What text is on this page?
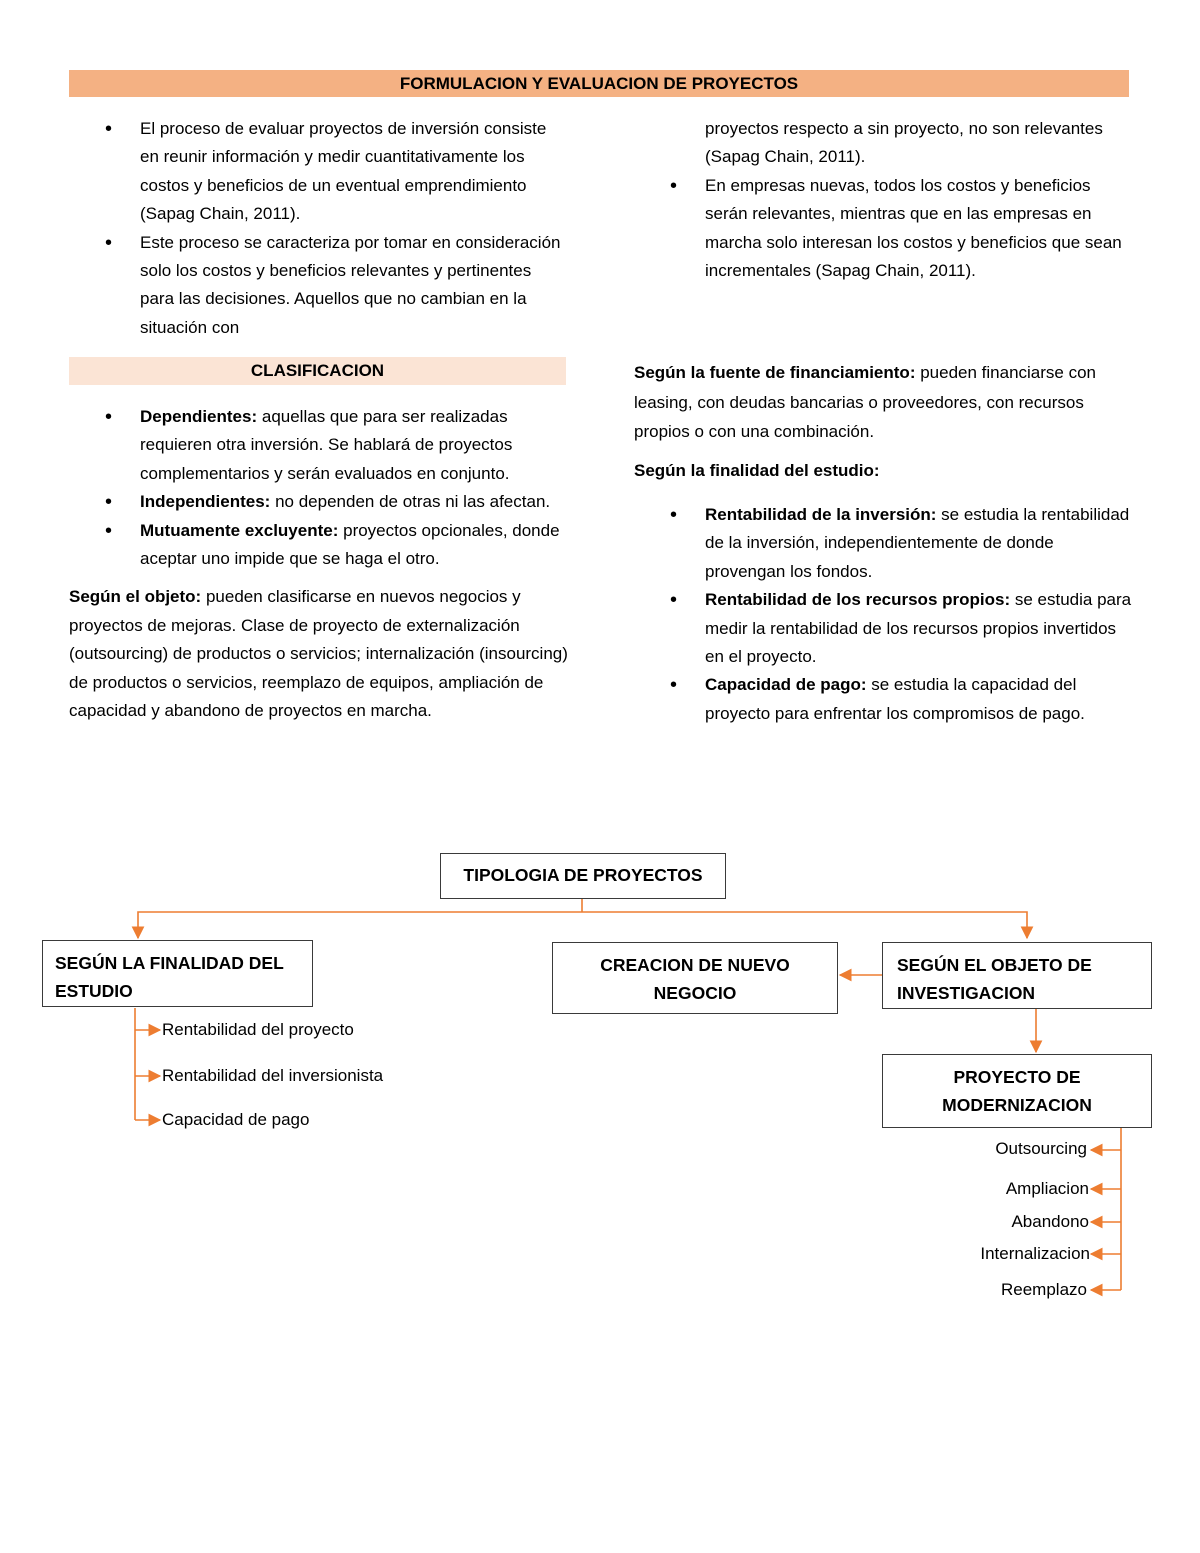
FORMULACION Y EVALUACION DE PROYECTOS
• El proceso de evaluar proyectos de inversión consiste en reunir información y medir cuantitativamente los costos y beneficios de un eventual emprendimiento (Sapag Chain, 2011).
• Este proceso se caracteriza por tomar en consideración solo los costos y beneficios relevantes y pertinentes para las decisiones. Aquellos que no cambian en la situación con

proyectos respecto a sin proyecto, no son relevantes (Sapag Chain, 2011).

• En empresas nuevas, todos los costos y beneficios serán relevantes, mientras que en las empresas en marcha solo interesan los costos y beneficios que sean incrementales (Sapag Chain, 2011).
CLASIFICACION
• Dependientes: aquellas que para ser realizadas requieren otra inversión. Se hablará de proyectos complementarios y serán evaluados en conjunto.
• Independientes: no dependen de otras ni las afectan.
• Mutuamente excluyente: proyectos opcionales, donde aceptar uno impide que se haga el otro.

Según el objeto: pueden clasificarse en nuevos negocios y proyectos de mejoras. Clase de proyecto de externalización (outsourcing) de productos o servicios; internalización (insourcing) de productos o servicios, reemplazo de equipos, ampliación de capacidad y abandono de proyectos en marcha.

Según la fuente de financiamiento: pueden financiarse con leasing, con deudas bancarias o proveedores, con recursos propios o con una combinación.

Según la finalidad del estudio:

• Rentabilidad de la inversión: se estudia la rentabilidad de la inversión, independientemente de donde provengan los fondos.
• Rentabilidad de los recursos propios: se estudia para medir la rentabilidad de los recursos propios invertidos en el proyecto.
• Capacidad de pago: se estudia la capacidad del proyecto para enfrentar los compromisos de pago.
TIPOLOGIA DE PROYECTOS
SEGÚN LA FINALIDAD DEL ESTUDIO
CREACION DE NUEVO NEGOCIO
SEGÚN EL OBJETO DE INVESTIGACION
PROYECTO DE MODERNIZACION
Rentabilidad del proyecto
Rentabilidad del inversionista
Capacidad de pago
Outsourcing
Ampliacion
Abandono
Internalizacion
Reemplazo
